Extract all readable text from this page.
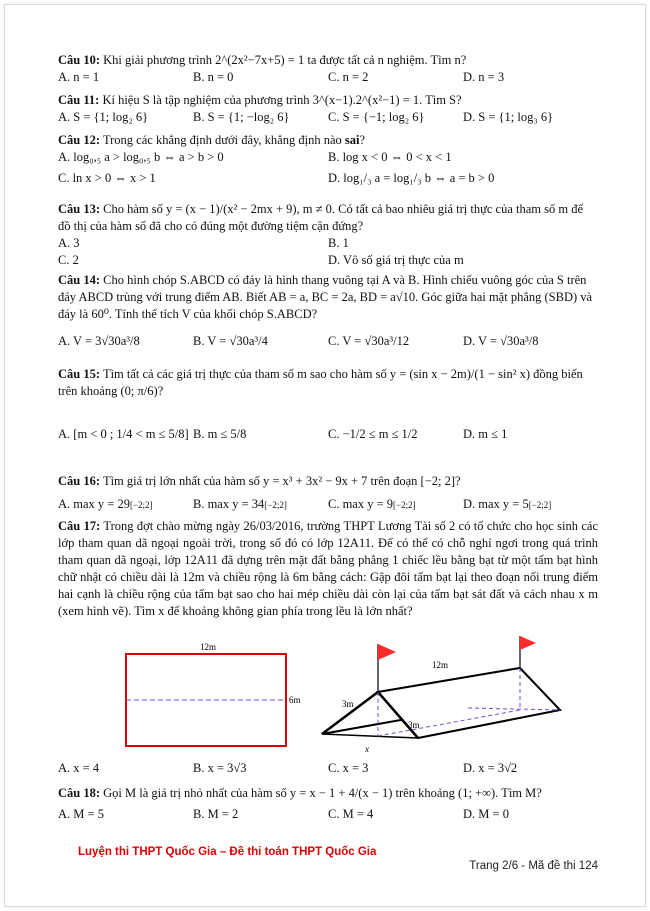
Câu 10: Khi giải phương trình 2^(2x²−7x+5) = 1 ta được tất cả n nghiệm. Tìm n?

A. n = 1	B. n = 0	C. n = 2	D. n = 3

Câu 11: Kí hiệu S là tập nghiệm của phương trình 3^(x−1).2^(x²−1) = 1. Tìm S?

A. S = {1; log₂ 6}	B. S = {1; −log₂ 6}	C. S = {−1; log₂ 6}	D. S = {1; log₃ 6}

Câu 12: Trong các khẳng định dưới đây, khẳng định nào sai?

A. log₀,₅ a > log₀,₅ b ⇔ a > b > 0	B. log x < 0 ⇔ 0 < x < 1
C. ln x > 0 ⇔ x > 1	D. log₁/₃ a = log₁/₃ b ⇔ a = b > 0

Câu 13: Cho hàm số y = (x − 1)/(x² − 2mx + 9), m ≠ 0. Có tất cả bao nhiêu giá trị thực của tham số m để đồ thị của hàm số đã cho có đúng một đường tiệm cận đứng?

A. 3	B. 1
C. 2	D. Vô số giá trị thực của m

Câu 14: Cho hình chóp S.ABCD có đáy là hình thang vuông tại A và B. Hình chiếu vuông góc của S trên đáy ABCD trùng với trung điểm AB. Biết AB = a, BC = 2a, BD = a√10. Góc giữa hai mặt phẳng (SBD) và đáy là 60⁰. Tính thể tích V của khối chóp S.ABCD?

A. V = 3√30a³/8	B. V = √30a³/4	C. V = √30a³/12	D. V = √30a³/8

Câu 15: Tìm tất cả các giá trị thực của tham số m sao cho hàm số y = (sin x − 2m)/(1 − sin² x) đồng biến trên khoảng (0; π/6)?

A. [m < 0 ; 1/4 < m ≤ 5/8] B. m ≤ 5/8	C. −1/2 ≤ m ≤ 1/2	D. m ≤ 1

Câu 16: Tìm giá trị lớn nhất của hàm số y = x³ + 3x² − 9x + 7 trên đoạn [−2; 2]?

A. max y = 29[−2;2]	B. max y = 34[−2;2]	C. max y = 9[−2;2]	D. max y = 5[−2;2]

Câu 17: Trong đợt chào mừng ngày 26/03/2016, trường THPT Lương Tài số 2 có tổ chức cho học sinh các lớp tham quan dã ngoại ngoài trời, trong số đó có lớp 12A11. Để có thể có chỗ nghỉ ngơi trong quá trình tham quan dã ngoại, lớp 12A11 đã dựng trên mặt đất bằng phẳng 1 chiếc lều bằng bạt từ một tấm bạt hình chữ nhật có chiều dài là 12m và chiều rộng là 6m bằng cách: Gập đôi tấm bạt lại theo đoạn nối trung điểm hai cạnh là chiều rộng của tấm bạt sao cho hai mép chiều dài còn lại của tấm bạt sát đất và cách nhau x m (xem hình vẽ). Tìm x để khoảng không gian phía trong lều là lớn nhất?

12m
6m
12m
3m
3m
x
A. x = 4	B. x = 3√3	C. x = 3	D. x = 3√2

Câu 18: Gọi M là giá trị nhỏ nhất của hàm số y = x − 1 + 4/(x − 1) trên khoảng (1; +∞). Tìm M?

A. M = 5	B. M = 2	C. M = 4	D. M = 0
Luyện thi THPT Quốc Gia – Đề thi toán THPT Quốc Gia
Trang 2/6 - Mã đề thi 124
